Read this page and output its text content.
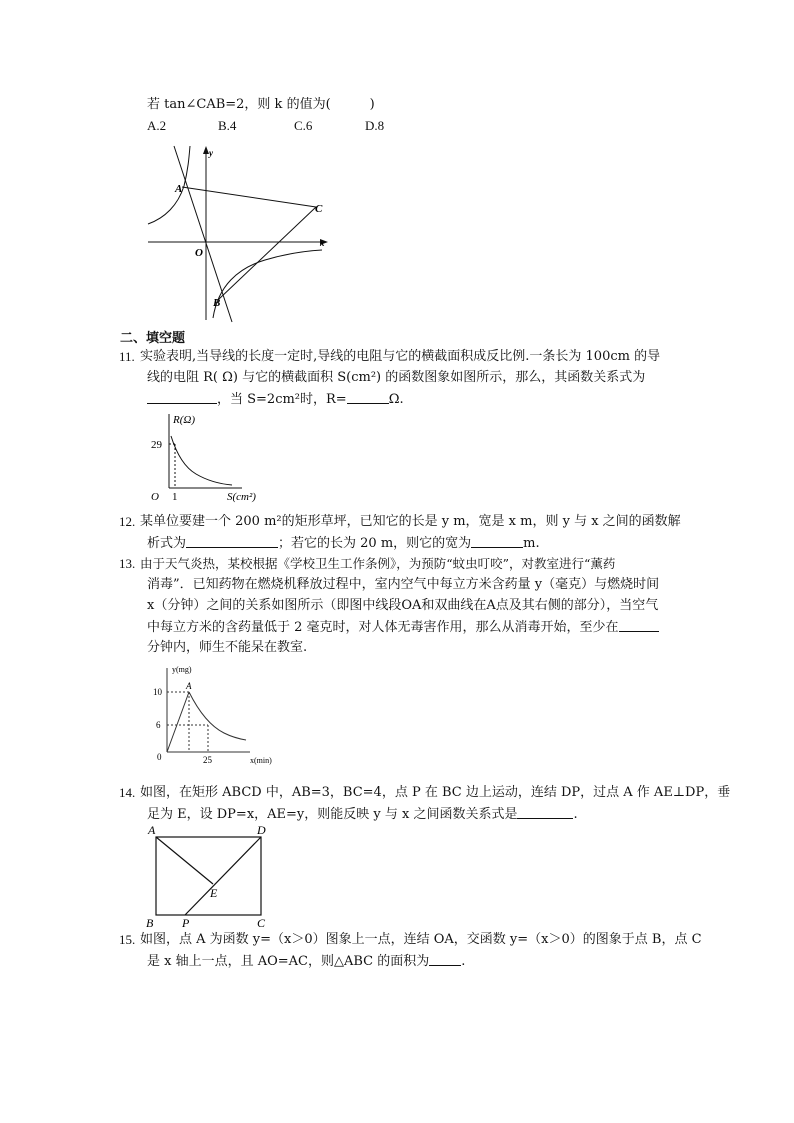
若 tan∠CAB=2，则 k 的值为(　　　)
A.2	B.4	C.6	D.8
A
C
O
B
x
y
二、填空题
11. 实验表明,当导线的长度一定时,导线的电阻与它的横截面积成反比例.一条长为 100cm 的导
线的电阻 R( Ω) 与它的横截面积 S(cm²) 的函数图象如图所示，那么，其函数关系式为
，当 S=2cm²时，R=	Ω.
R(Ω)
29
O 1	S(cm²)
12. 某单位要建一个 200 m²的矩形草坪，已知它的长是 y m，宽是 x m，则 y 与 x 之间的函数解
析式为	；若它的长为 20 m，则它的宽为	m.
13. 由于天气炎热，某校根据《学校卫生工作条例》，为预防“蚊虫叮咬”，对教室进行“薰药
消毒”．已知药物在燃烧机释放过程中，室内空气中每立方米含药量 y（毫克）与燃烧时间
x（分钟）之间的关系如图所示（即图中线段OA和双曲线在A点及其右侧的部分），当空气
中每立方米的含药量低于 2 毫克时，对人体无毒害作用，那么从消毒开始，至少在
分钟内，师生不能呆在教室.
y(mg)
A
10
6
0	25	x(min)
14. 如图，在矩形 ABCD 中，AB=3，BC=4，点 P 在 BC 边上运动，连结 DP，过点 A 作 AE⊥DP，垂
足为 E，设 DP=x，AE=y，则能反映 y 与 x 之间函数关系式是	.
A	D
E
B P	C
15. 如图，点 A 为函数 y=（x＞0）图象上一点，连结 OA，交函数 y=（x＞0）的图象于点 B，点 C
是 x 轴上一点，且 AO=AC，则△ABC 的面积为 .
